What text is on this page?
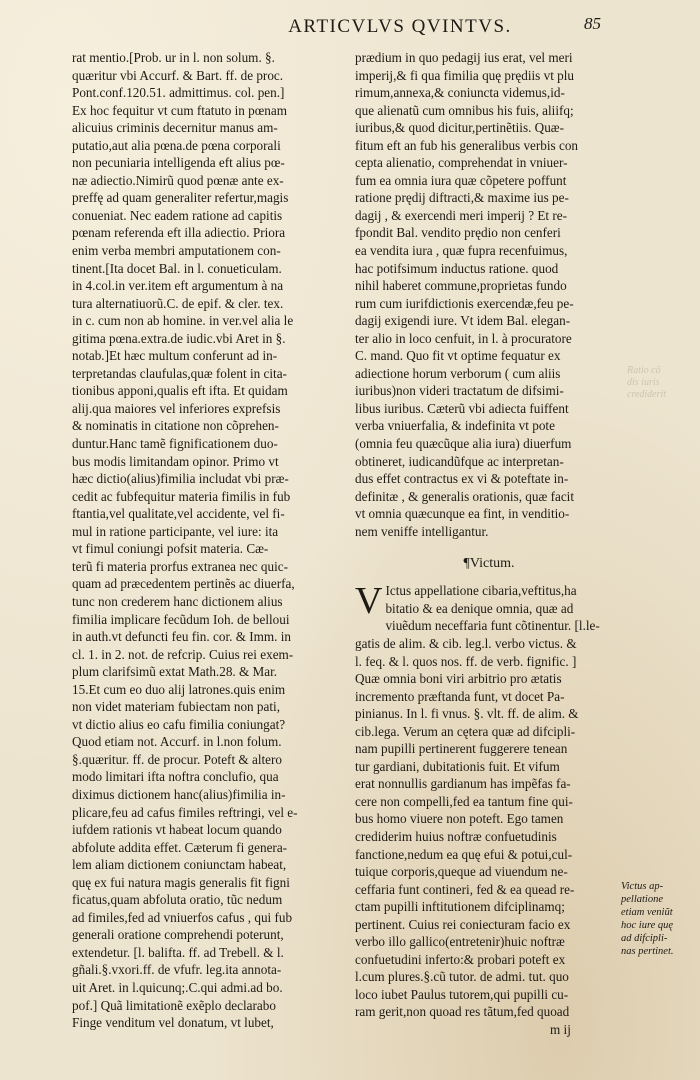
ARTICVLVS QVINTVS.	85
rat mentio.[Prob. ur in l. non solum. §.
quæritur vbi Accurf. & Bart. ff. de proc.
Pont.conf.120.51. admittimus. col. pen.]
Ex hoc fequitur vt cum ftatuto in pœnam
alicuius criminis decernitur manus am-
putatio,aut alia pœna.de pœna corporali
non pecuniaria intelligenda eft alius pœ-
næ adiectio.Nimirũ quod pœnæ ante ex-
preffę ad quam generaliter refertur,magis
conueniat. Nec eadem ratione ad capitis
pœnam referenda eft illa adiectio. Priora
enim verba membri amputationem con-
tinent.[Ita docet Bal. in l. conueticulam.
in 4.col.in ver.item eft argumentum à na
tura alternatiuorũ.C. de epif. & cler. tex.
in c. cum non ab homine. in ver.vel alia le
gitima pœna.extra.de iudic.vbi Aret in §.
notab.]Et hæc multum conferunt ad in-
terpretandas claufulas,quæ folent in cita-
tionibus apponi,qualis eft ifta. Et quidam
alij.qua maiores vel inferiores exprefsis
& nominatis in citatione non cõprehen-
duntur.Hanc tamẽ fignificationem duo-
bus modis limitandam opinor. Primo vt
hæc dictio(alius)fimilia includat vbi præ-
cedit ac fubfequitur materia fimilis in fub
ftantia,vel qualitate,vel accidente, vel fi-
mul in ratione participante, vel iure: ita
vt fimul coniungi pofsit materia. Cæ-
terũ fi materia prorfus extranea nec quic-
quam ad præcedentem pertinẽs ac diuerfa,
tunc non crederem hanc dictionem alius
fimilia implicare fecũdum Ioh. de belloui
in auth.vt defuncti feu fin. cor. & Imm. in
cl. 1. in 2. not. de refcrip. Cuius rei exem-
plum clarifsimũ extat Math.28. & Mar.
15.Et cum eo duo alij latrones.quis enim
non videt materiam fubiectam non pati,
vt dictio alius eo cafu fimilia coniungat?
Quod etiam not. Accurf. in l.non folum.
§.quæritur. ff. de procur. Poteft & altero
modo limitari ifta noftra conclufio, qua
diximus dictionem hanc(alius)fimilia in-
plicare,feu ad cafus fimiles reftringi, vel e-
iufdem rationis vt habeat locum quando
abfolute addita effet. Cæterum fi genera-
lem aliam dictionem coniunctam habeat,
quę ex fui natura magis generalis fit figni
ficatus,quam abfoluta oratio, tũc nedum
ad fimiles,fed ad vniuerfos cafus , qui fub
generali oratione comprehendi poterunt,
extendetur. [l. balifta. ff. ad Trebell. & l.
gñali.§.vxori.ff. de vfufr. leg.ita annota-
uit Aret. in l.quicunq;.C.qui admi.ad bo.
pof.] Quã limitationẽ exẽplo declarabo
Finge venditum vel donatum, vt lubet,
prædium in quo pedagij ius erat, vel meri
imperij,& fi qua fimilia quę prędiis vt plu
rimum,annexa,& coniuncta videmus,id-
que alienatũ cum omnibus his fuis, aliifq;
iuribus,& quod dicitur,pertinẽtiis. Quæ-
fitum eft an fub his generalibus verbis con
cepta alienatio, comprehendat in vniuer-
fum ea omnia iura quæ cõpetere poffunt
ratione prędij diftracti,& maxime ius pe-
dagij , & exercendi meri imperij ? Et re-
fpondit Bal. vendito prędio non cenferi
ea vendita iura , quæ fupra recenfuimus,
hac potifsimum inductus ratione. quod
nihil haberet commune,proprietas fundo
rum cum iurifdictionis exercendæ,feu pe-
dagij exigendi iure. Vt idem Bal. elegan-
ter alio in loco cenfuit, in l. à procuratore
C. mand. Quo fit vt optime fequatur ex
adiectione horum verborum ( cum aliis
iuribus)non videri tractatum de difsimi-
libus iuribus. Cæterũ vbi adiecta fuiffent
verba vniuerfalia, & indefinita vt pote
(omnia feu quæcũque alia iura) diuerfum
obtineret, iudicandũfque ac interpretan-
dus effet contractus ex vi & poteftate in-
definitæ , & generalis orationis, quæ facit
vt omnia quæcunque ea fint, in venditio-
nem veniffe intelligantur.
¶Victum.
V Ictus appellatione cibaria,veftitus,ha
bitatio & ea denique omnia, quæ ad
viuẽdum neceffaria funt cõtinentur. [l.le-
gatis de alim. & cib. leg.l. verbo victus. &
l. feq. & l. quos nos. ff. de verb. fignific. ]
Quæ omnia boni viri arbitrio pro ætatis
incremento præftanda funt, vt docet Pa-
pinianus. In l. fi vnus. §. vlt. ff. de alim. &
cib.lega. Verum an cętera quæ ad difcipli-
nam pupilli pertinerent fuggerere tenean
tur gardiani, dubitationis fuit. Et vifum
erat nonnullis gardianum has impẽfas fa-
cere non compelli,fed ea tantum fine qui-
bus homo viuere non poteft. Ego tamen
crediderim huius noftræ confuetudinis
fanctione,nedum ea quę efui & potui,cul-
tuique corporis,queque ad viuendum ne-
ceffaria funt contineri, fed & ea quead re-
ctam pupilli inftitutionem difciplinamq;
pertinent. Cuius rei coniecturam facio ex
verbo illo gallico(entretenir)huic noftræ
confuetudini inferto:& probari poteft ex
l.cum plures.§.cũ tutor. de admi. tut. quo
loco iubet Paulus tutorem,qui pupilli cu-
ram gerit,non quoad res tãtum,fed quoad
m ij
Victus ap-
pellatione
etiam veniũt
hoc iure quę
ad difcipli-
nas pertinet.
Ratio cõ
dis iuris
crediderit
